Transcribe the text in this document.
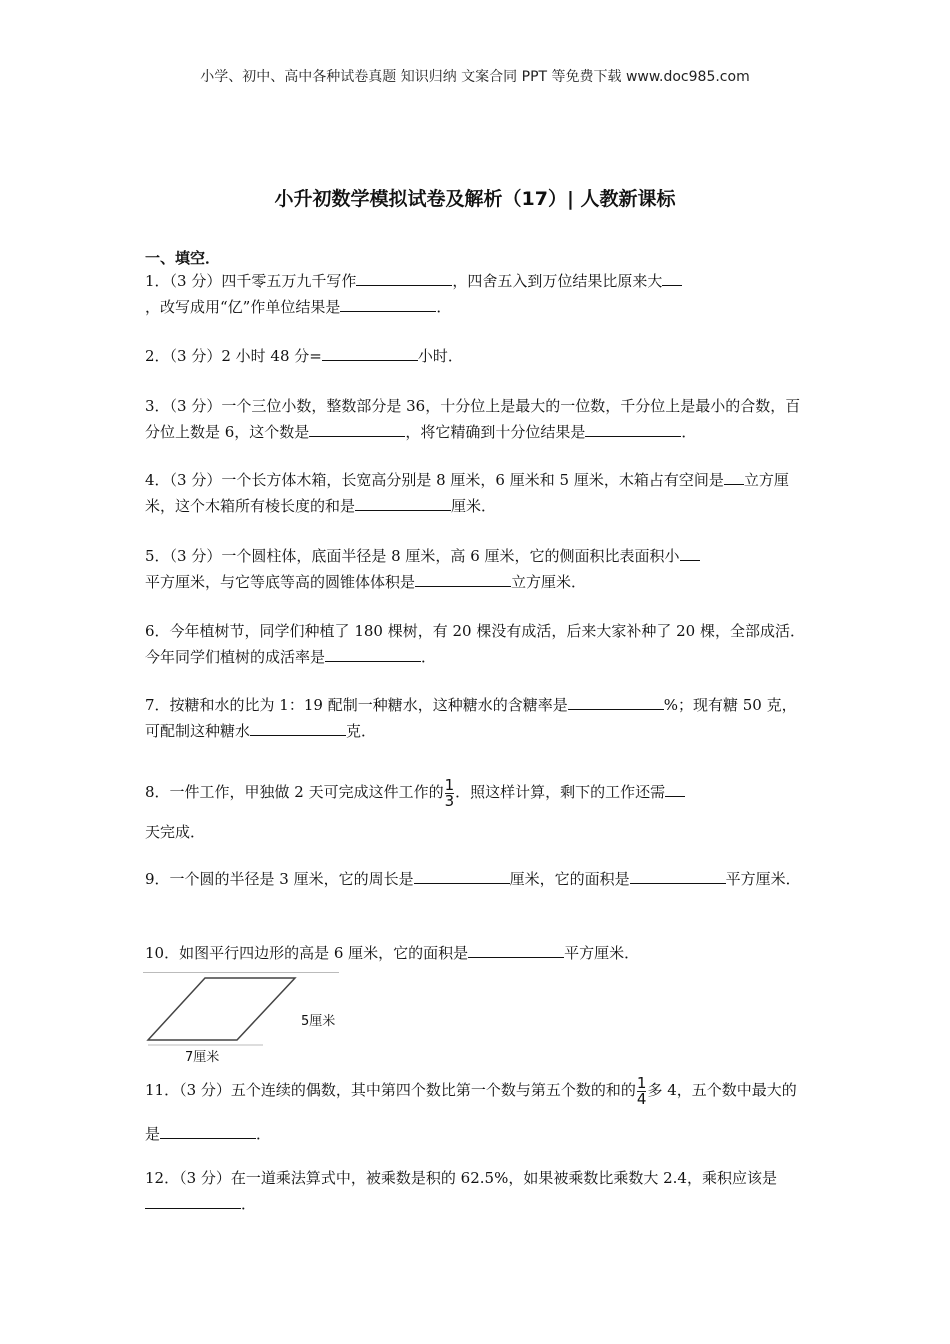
小学、初中、高中各种试卷真题 知识归纳 文案合同 PPT 等免费下载 www.doc985.com
小升初数学模拟试卷及解析（17）| 人教新课标
一、填空．
1．（3 分）四千零五万九千写作	，四舍五入到万位结果比原来大
，改写成用“亿”作单位结果是	．
2．（3 分）2 小时 48 分=	小时．
3．（3 分）一个三位小数，整数部分是 36，十分位上是最大的一位数，千分位上是最小的合数，百分位上数是 6，这个数是	，将它精确到十分位结果是	．
4．（3 分）一个长方体木箱，长宽高分别是 8 厘米，6 厘米和 5 厘米，木箱占有空间是 立方厘米，这个木箱所有棱长度的和是	厘米．
5．（3 分）一个圆柱体，底面半径是 8 厘米，高 6 厘米，它的侧面积比表面积小
平方厘米，与它等底等高的圆锥体体积是	立方厘米．
6．今年植树节，同学们种植了 180 棵树，有 20 棵没有成活，后来大家补种了 20 棵，全部成活．今年同学们植树的成活率是	．
7．按糖和水的比为 1：19 配制一种糖水，这种糖水的含糖率是	%；现有糖 50 克，可配制这种糖水	克．
8．一件工作，甲独做 2 天可完成这件工作的 $\frac{1}{3}$ ．照这样计算，剩下的工作还需
天完成．
9．一个圆的半径是 3 厘米，它的周长是	厘米，它的面积是	平方厘米．
10．如图平行四边形的高是 6 厘米，它的面积是	平方厘米．
5厘米
7厘米
11．（3 分）五个连续的偶数，其中第四个数比第一个数与第五个数的和的 $\frac{1}{4}$ 多 4，五个数中最大的是	．
12．（3 分）在一道乘法算式中，被乘数是积的 62.5%，如果被乘数比乘数大 2.4，乘积应该是．
